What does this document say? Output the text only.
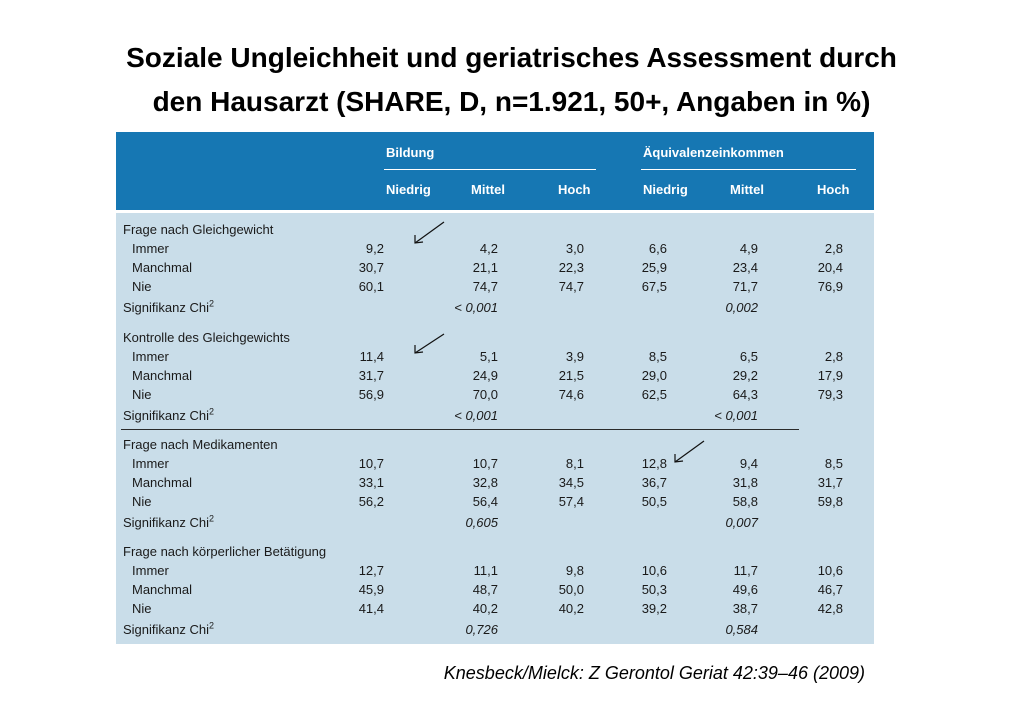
Soziale Ungleichheit und geriatrisches Assessment durch
den Hausarzt (SHARE, D, n=1.921, 50+, Angaben in %)
Bildung	Äquivalenzeinkommen
Niedrig	Mittel	Hoch	Niedrig	Mittel	Hoch
Frage nach Gleichgewicht
Immer	9,2	4,2	3,0	6,6	4,9	2,8
Manchmal	30,7	21,1	22,3	25,9	23,4	20,4
Nie	60,1	74,7	74,7	67,5	71,7	76,9
Signifikanz Chi$^2$	< 0,001	0,002
Kontrolle des Gleichgewichts
Immer	11,4	5,1	3,9	8,5	6,5	2,8
Manchmal	31,7	24,9	21,5	29,0	29,2	17,9
Nie	56,9	70,0	74,6	62,5	64,3	79,3
Signifikanz Chi$^2$	< 0,001	< 0,001
Frage nach Medikamenten
Immer	10,7	10,7	8,1	12,8	9,4	8,5
Manchmal	33,1	32,8	34,5	36,7	31,8	31,7
Nie	56,2	56,4	57,4	50,5	58,8	59,8
Signifikanz Chi$^2$	0,605	0,007
Frage nach körperlicher Betätigung
Immer	12,7	11,1	9,8	10,6	11,7	10,6
Manchmal	45,9	48,7	50,0	50,3	49,6	46,7
Nie	41,4	40,2	40,2	39,2	38,7	42,8
Signifikanz Chi$^2$	0,726	0,584
Knesbeck/Mielck: Z Gerontol Geriat 42:39–46 (2009)
